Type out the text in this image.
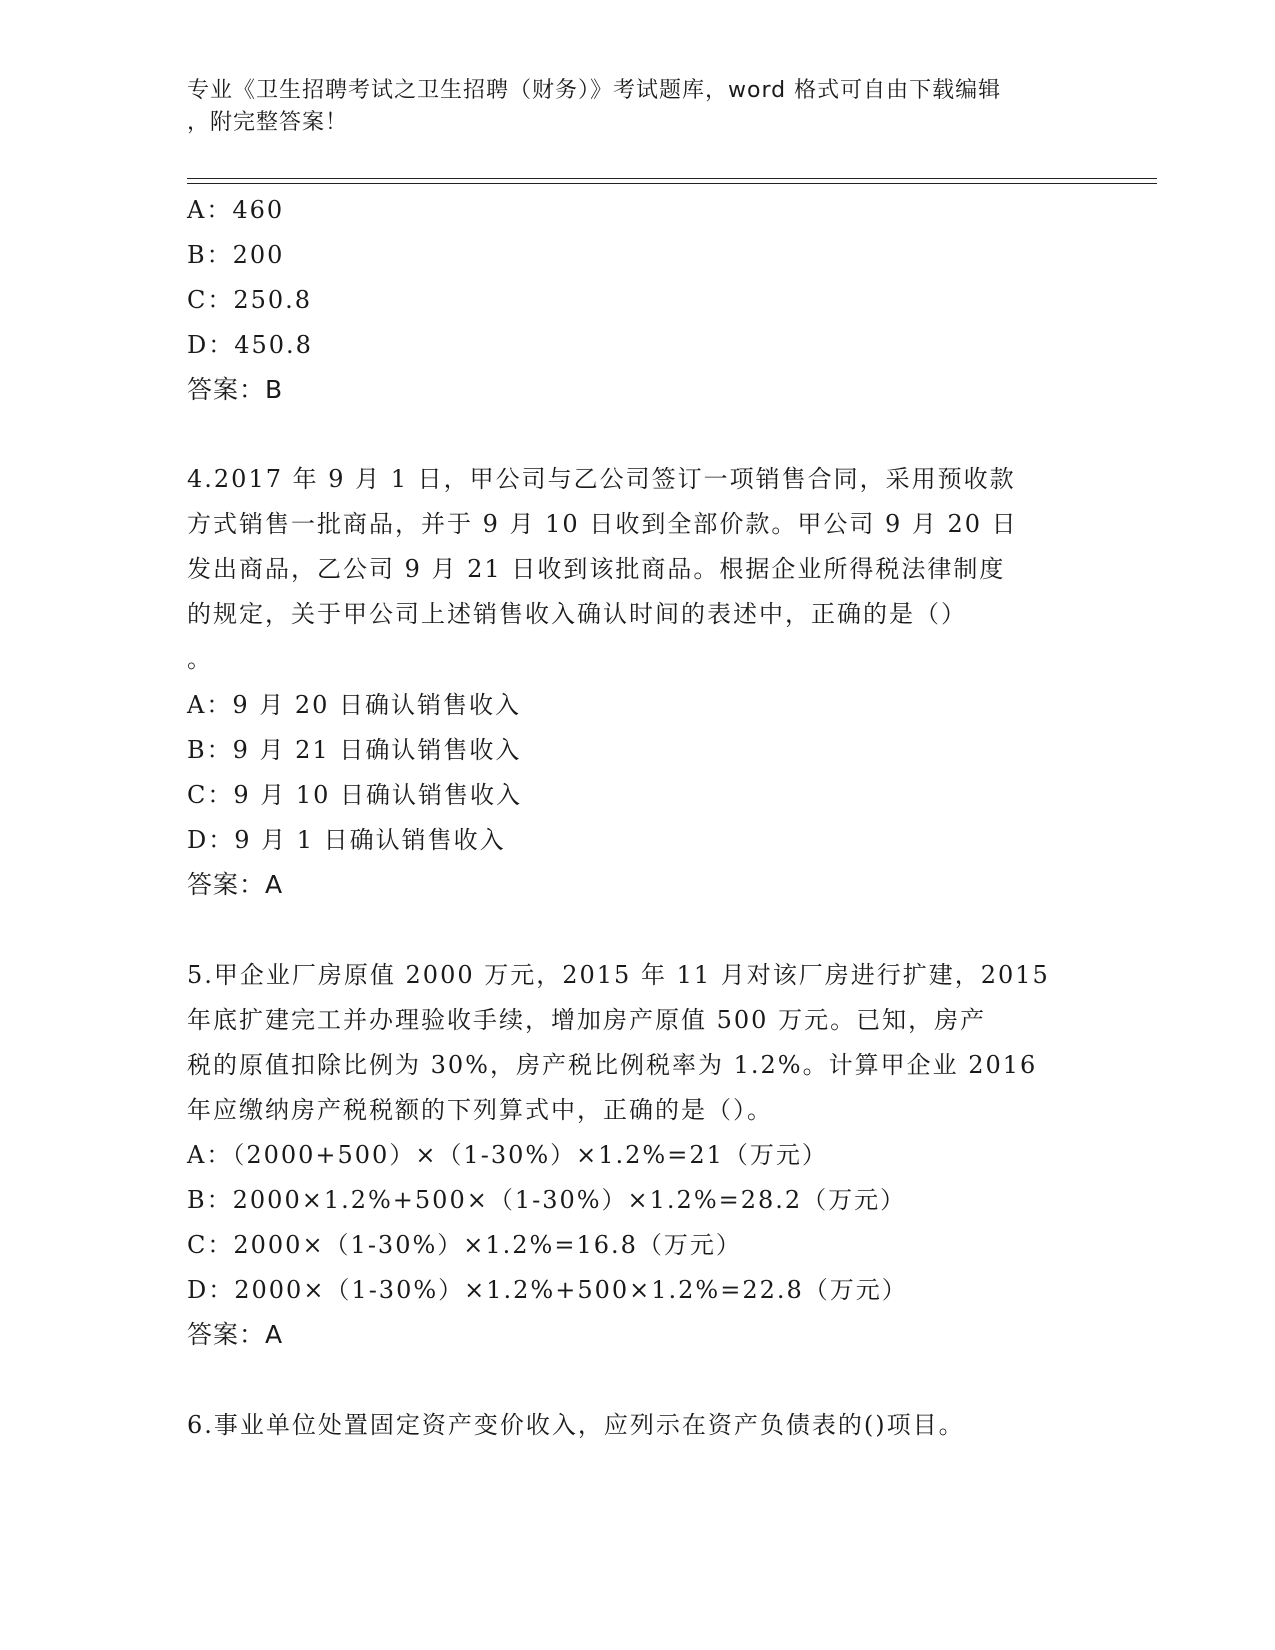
专业《卫生招聘考试之卫生招聘（财务）》考试题库，word 格式可自由下载编辑
，附完整答案！
A：460
B：200
C：250.8
D：450.8
答案：B
4.2017 年 9 月 1 日，甲公司与乙公司签订一项销售合同，采用预收款
方式销售一批商品，并于 9 月 10 日收到全部价款。甲公司 9 月 20 日
发出商品，乙公司 9 月 21 日收到该批商品。根据企业所得税法律制度
的规定，关于甲公司上述销售收入确认时间的表述中，正确的是（）
。
A：9 月 20 日确认销售收入
B：9 月 21 日确认销售收入
C：9 月 10 日确认销售收入
D：9 月 1 日确认销售收入
答案：A
5.甲企业厂房原值 2000 万元，2015 年 11 月对该厂房进行扩建，2015
年底扩建完工并办理验收手续，增加房产原值 500 万元。已知，房产
税的原值扣除比例为 30%，房产税比例税率为 1.2%。计算甲企业 2016
年应缴纳房产税税额的下列算式中，正确的是（）。
A：（2000+500）×（1-30%）×1.2%=21（万元）
B：2000×1.2%+500×（1-30%）×1.2%=28.2（万元）
C：2000×（1-30%）×1.2%=16.8（万元）
D：2000×（1-30%）×1.2%+500×1.2%=22.8（万元）
答案：A
6.事业单位处置固定资产变价收入，应列示在资产负债表的()项目。
